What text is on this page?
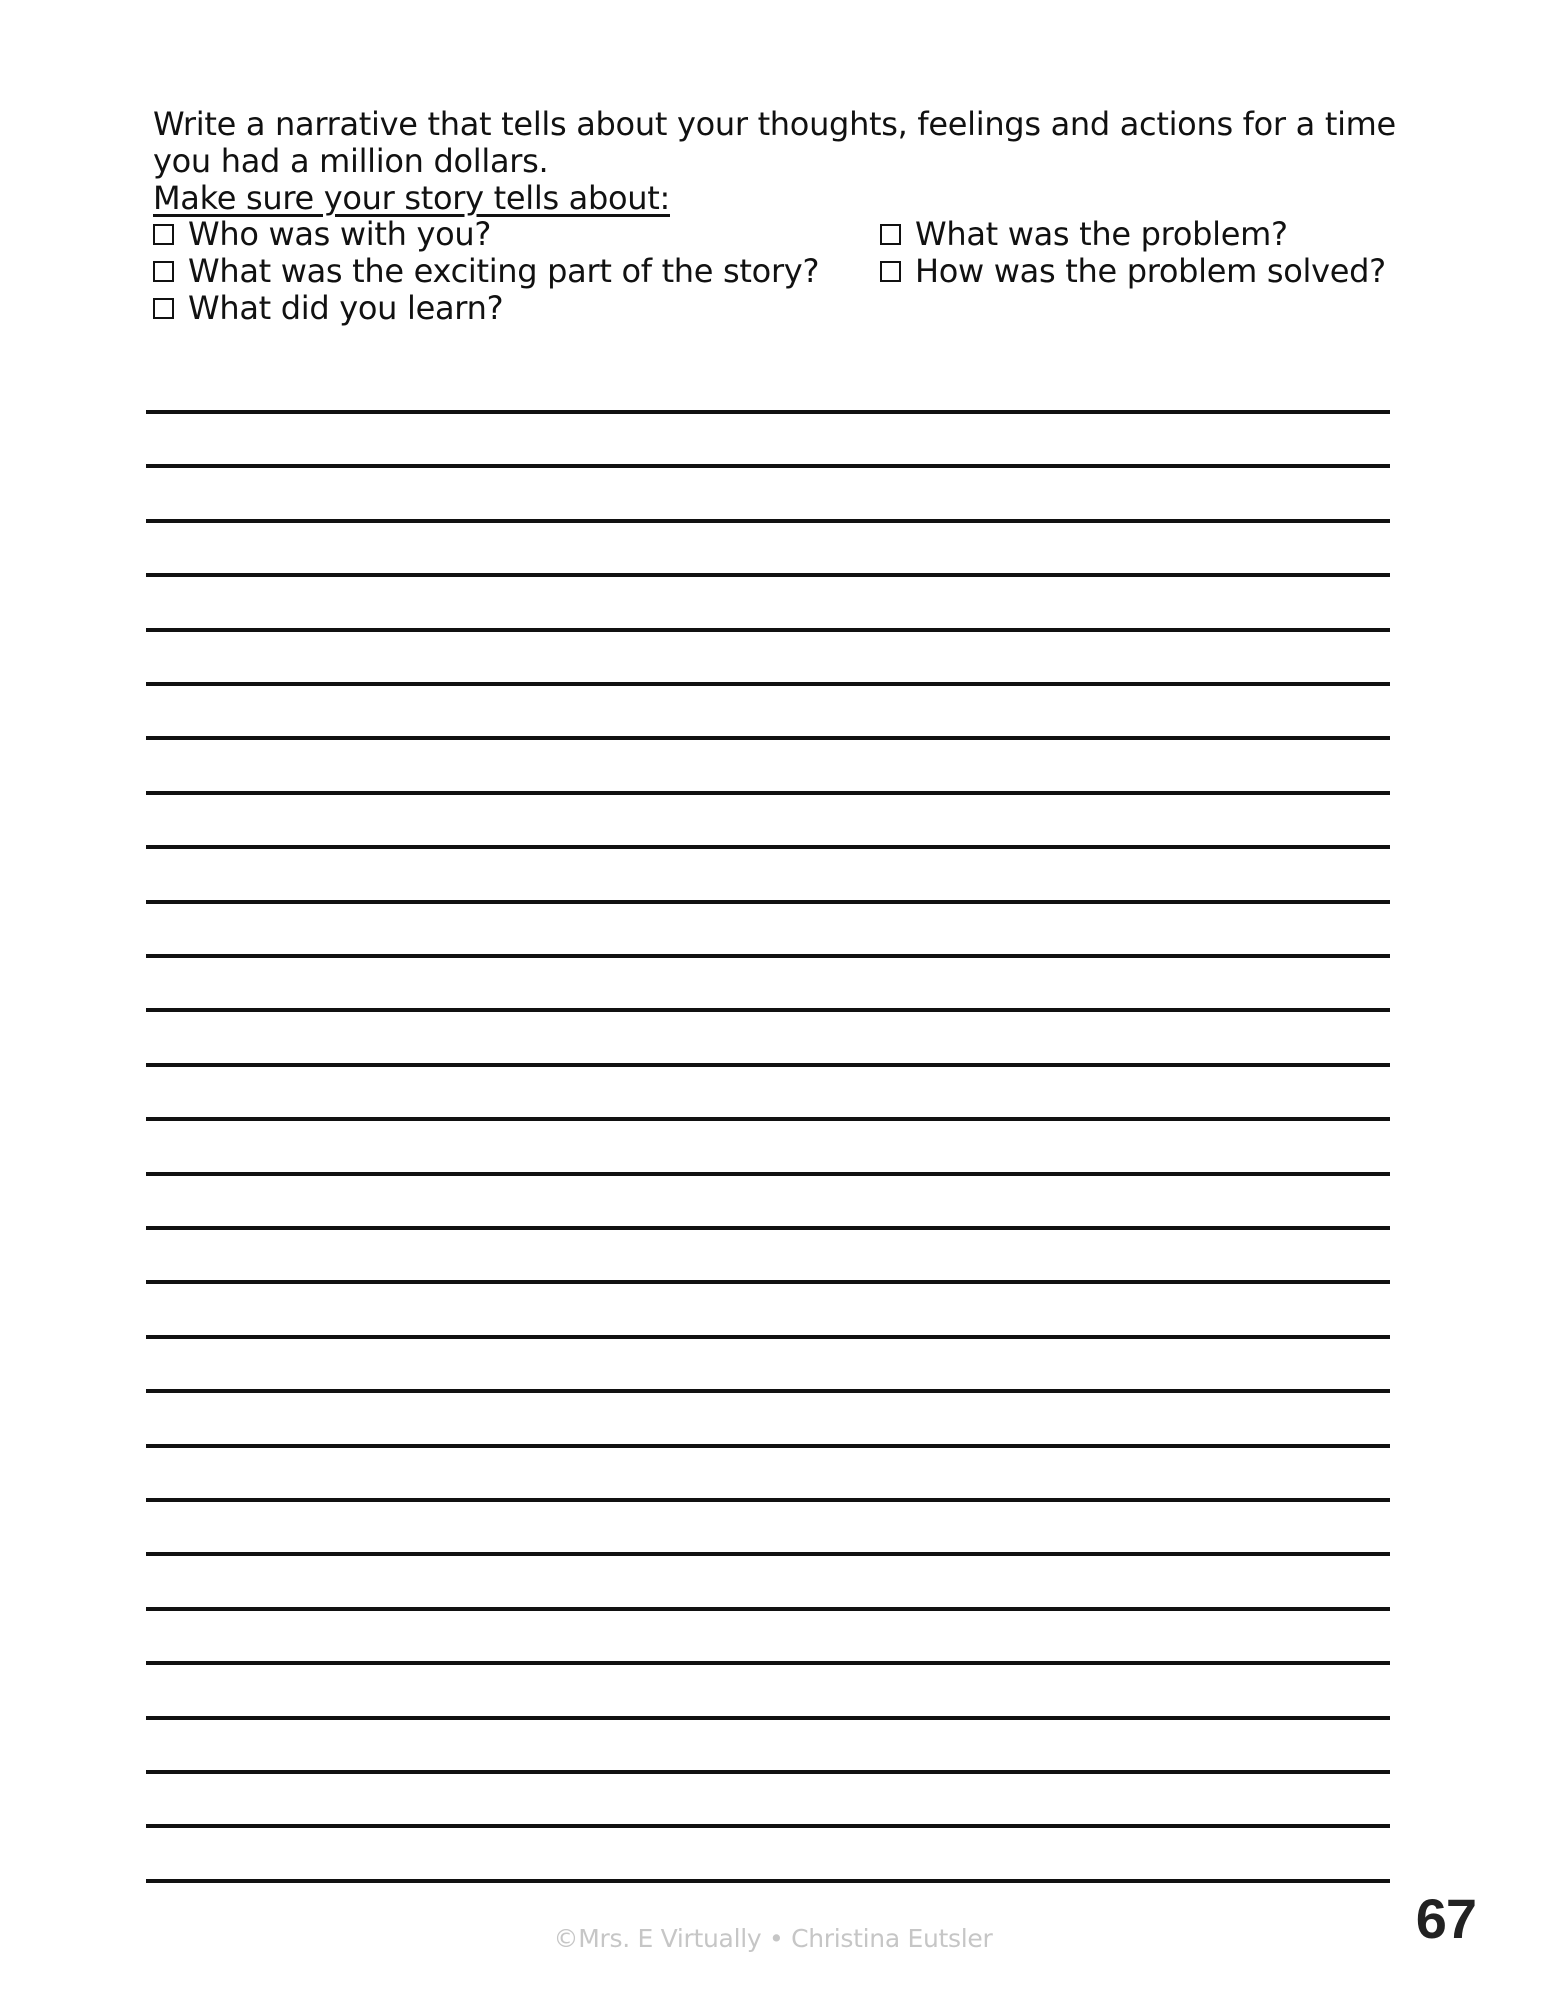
Write a narrative that tells about your thoughts, feelings and actions for a time
you had a million dollars.
Make sure your story tells about:
Who was with you?
What was the exciting part of the story?
What did you learn?
What was the problem?
How was the problem solved?
©Mrs. E Virtually • Christina Eutsler	67
